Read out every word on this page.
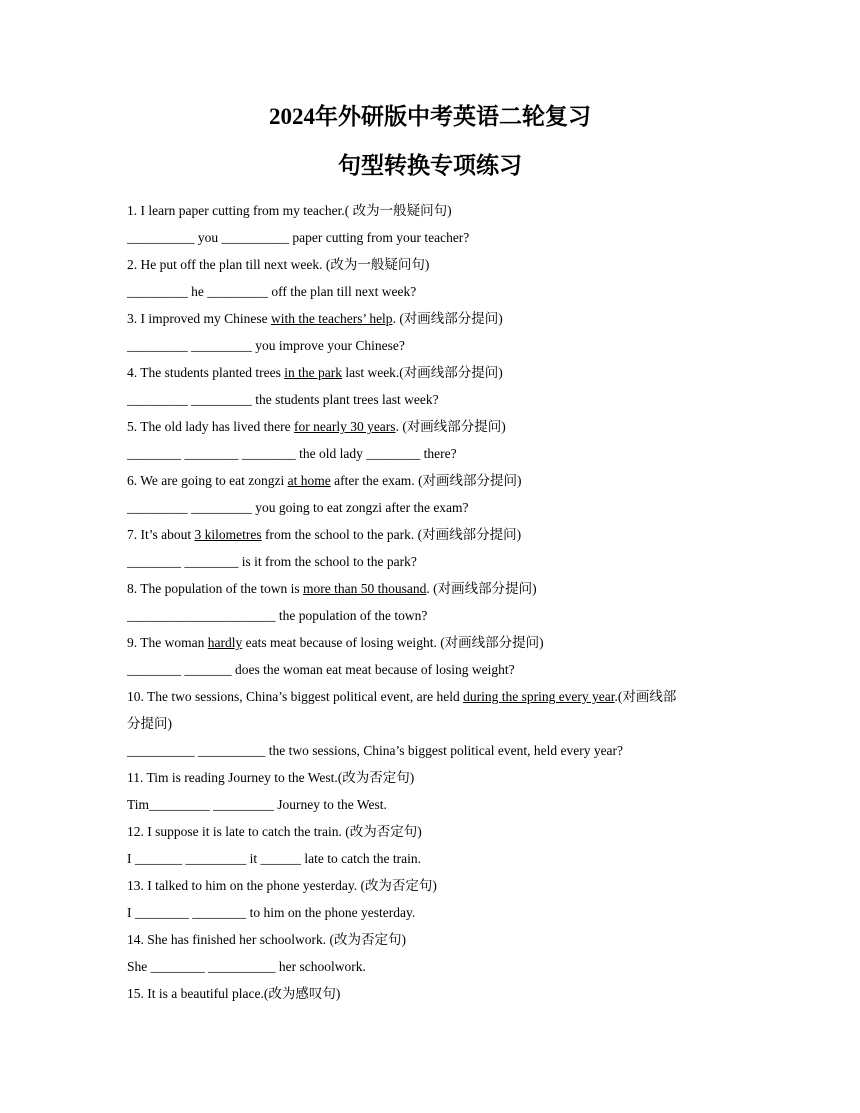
2024年外研版中考英语二轮复习
句型转换专项练习
1. I learn paper cutting from my teacher.( 改为一般疑问句)
__________ you __________ paper cutting from your teacher?
2. He put off the plan till next week. (改为一般疑问句)
_________ he _________ off the plan till next week?
3. I improved my Chinese with the teachers’ help. (对画线部分提问)
_________ _________ you improve your Chinese?
4. The students planted trees in the park last week.(对画线部分提问)
_________ _________ the students plant trees last week?
5. The old lady has lived there for nearly 30 years. (对画线部分提问)
________ ________ ________ the old lady ________ there?
6. We are going to eat zongzi at home after the exam. (对画线部分提问)
_________ _________ you going to eat zongzi after the exam?
7. It’s about 3 kilometres from the school to the park. (对画线部分提问)
________ ________ is it from the school to the park?
8. The population of the town is more than 50 thousand. (对画线部分提问)
______________________ the population of the town?
9. The woman hardly eats meat because of losing weight. (对画线部分提问)
________ _______ does the woman eat meat because of losing weight?
10. The two sessions, China’s biggest political event, are held during the spring every year.(对画线部
分提问)
__________ __________ the two sessions, China’s biggest political event, held every year?
11. Tim is reading Journey to the West.(改为否定句)
Tim_________ _________ Journey to the West.
12. I suppose it is late to catch the train. (改为否定句)
I _______ _________ it ______ late to catch the train.
13. I talked to him on the phone yesterday. (改为否定句)
I ________ ________ to him on the phone yesterday.
14. She has finished her schoolwork. (改为否定句)
She ________ __________ her schoolwork.
15. It is a beautiful place.(改为感叹句)
